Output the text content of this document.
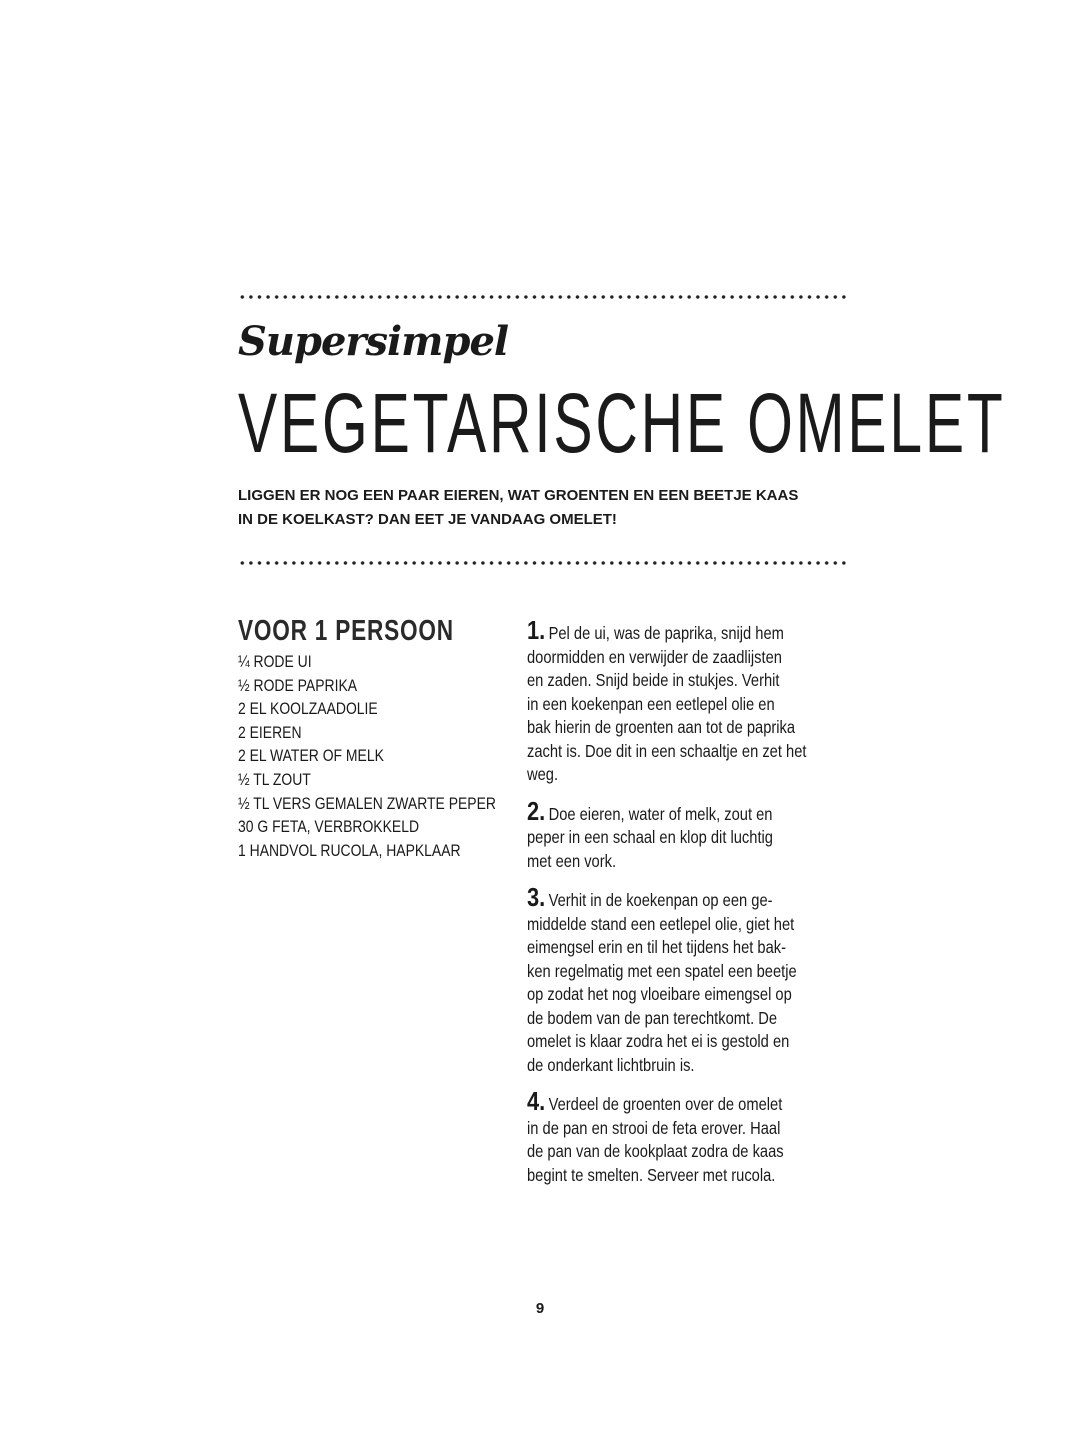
Supersimpel
VEGETARISCHE OMELET
LIGGEN ER NOG EEN PAAR EIEREN, WAT GROENTEN EN EEN BEETJE KAAS
IN DE KOELKAST? DAN EET JE VANDAAG OMELET!
VOOR 1 PERSOON
¼ RODE UI
½ RODE PAPRIKA
2 EL KOOLZAADOLIE
2 EIEREN
2 EL WATER OF MELK
½ TL ZOUT
½ TL VERS GEMALEN ZWARTE PEPER
30 G FETA, VERBROKKELD
1 HANDVOL RUCOLA, HAPKLAAR
1. Pel de ui, was de paprika, snijd hem
doormidden en verwijder de zaadlijsten
en zaden. Snijd beide in stukjes. Verhit
in een koekenpan een eetlepel olie en
bak hierin de groenten aan tot de paprika
zacht is. Doe dit in een schaaltje en zet het
weg.
2. Doe eieren, water of melk, zout en
peper in een schaal en klop dit luchtig
met een vork.
3. Verhit in de koekenpan op een ge-
middelde stand een eetlepel olie, giet het
eimengsel erin en til het tijdens het bak-
ken regelmatig met een spatel een beetje
op zodat het nog vloeibare eimengsel op
de bodem van de pan terechtkomt. De
omelet is klaar zodra het ei is gestold en
de onderkant lichtbruin is.
4. Verdeel de groenten over de omelet
in de pan en strooi de feta erover. Haal
de pan van de kookplaat zodra de kaas
begint te smelten. Serveer met rucola.
9
